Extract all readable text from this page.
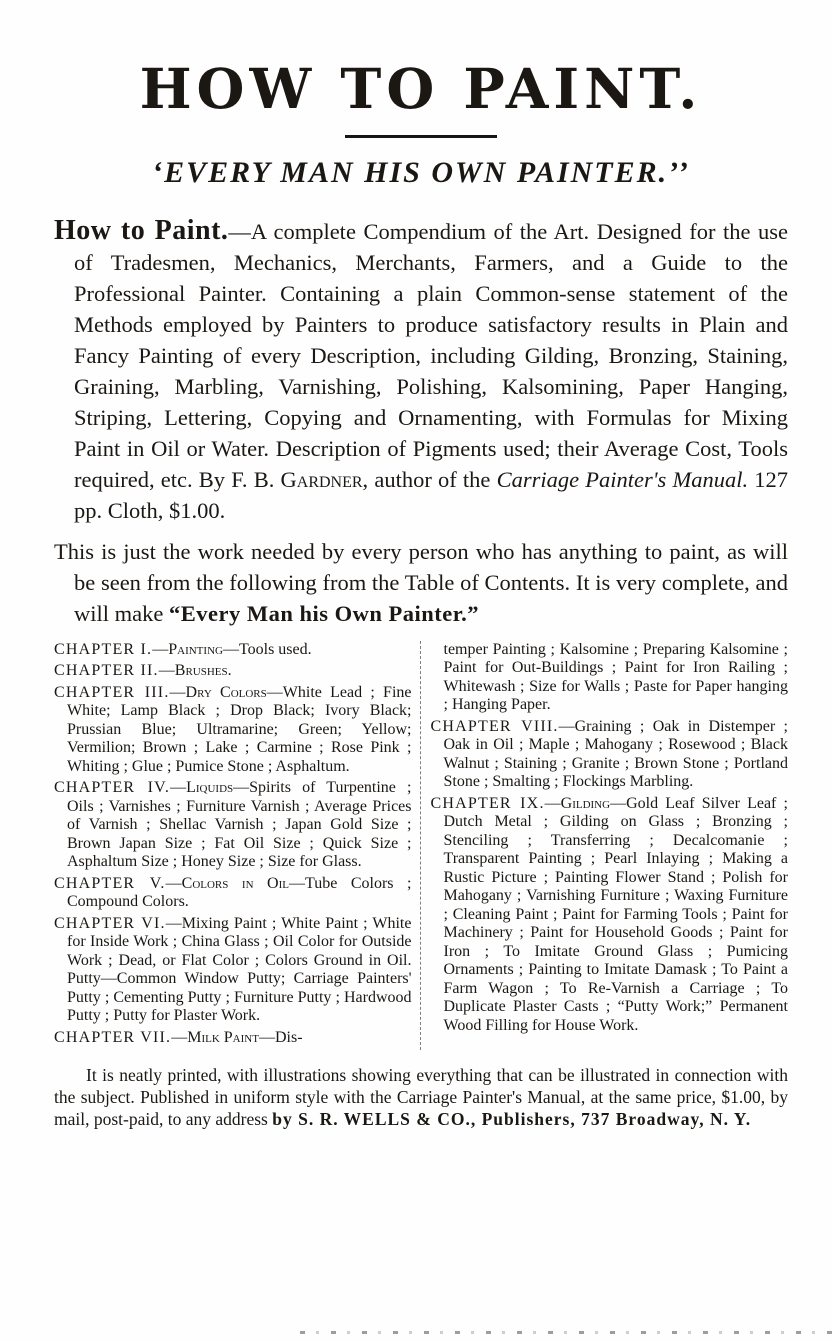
HOW TO PAINT.
‘EVERY MAN HIS OWN PAINTER.’’

How to Paint.—A complete Compendium of the Art. Designed for the use of Tradesmen, Mechanics, Merchants, Farmers, and a Guide to the Professional Painter. Containing a plain Common-sense statement of the Methods employed by Painters to produce satisfactory results in Plain and Fancy Painting of every Description, including Gilding, Bronzing, Staining, Graining, Marbling, Varnishing, Polishing, Kalsomining, Paper Hanging, Striping, Lettering, Copying and Ornamenting, with Formulas for Mixing Paint in Oil or Water. Description of Pigments used; their Average Cost, Tools required, etc. By F. B. Gardner, author of the Carriage Painter's Manual. 127 pp. Cloth, $1.00.

This is just the work needed by every person who has anything to paint, as will be seen from the following from the Table of Contents. It is very complete, and will make “Every Man his Own Painter.”

CHAPTER I.—Painting—Tools used.

CHAPTER II.—Brushes.

CHAPTER III.—Dry Colors—White Lead ; Fine White; Lamp Black ; Drop Black; Ivory Black; Prussian Blue; Ultramarine; Green; Yellow; Vermilion; Brown ; Lake ; Carmine ; Rose Pink ; Whiting ; Glue ; Pumice Stone ; Asphaltum.

CHAPTER IV.—Liquids—Spirits of Turpentine ; Oils ; Varnishes ; Furniture Varnish ; Average Prices of Varnish ; Shellac Varnish ; Japan Gold Size ; Brown Japan Size ; Fat Oil Size ; Quick Size ; Asphaltum Size ; Honey Size ; Size for Glass.

CHAPTER V.—Colors in Oil—Tube Colors ; Compound Colors.

CHAPTER VI.—Mixing Paint ; White Paint ; White for Inside Work ; China Glass ; Oil Color for Outside Work ; Dead, or Flat Color ; Colors Ground in Oil. Putty—Common Window Putty; Carriage Painters' Putty ; Cementing Putty ; Furniture Putty ; Hardwood Putty ; Putty for Plaster Work.

CHAPTER VII.—Milk Paint—Dis-

temper Painting ; Kalsomine ; Preparing Kalsomine ; Paint for Out-Buildings ; Paint for Iron Railing ; Whitewash ; Size for Walls ; Paste for Paper hanging ; Hanging Paper.

CHAPTER VIII.—Graining ; Oak in Distemper ; Oak in Oil ; Maple ; Mahogany ; Rosewood ; Black Walnut ; Staining ; Granite ; Brown Stone ; Portland Stone ; Smalting ; Flockings Marbling.

CHAPTER IX.—Gilding—Gold Leaf Silver Leaf ; Dutch Metal ; Gilding on Glass ; Bronzing ; Stenciling ; Transferring ; Decalcomanie ; Transparent Painting ; Pearl Inlaying ; Making a Rustic Picture ; Painting Flower Stand ; Polish for Mahogany ; Varnishing Furniture ; Waxing Furniture ; Cleaning Paint ; Paint for Farming Tools ; Paint for Machinery ; Paint for Household Goods ; Paint for Iron ; To Imitate Ground Glass ; Pumicing Ornaments ; Painting to Imitate Damask ; To Paint a Farm Wagon ; To Re-Varnish a Carriage ; To Duplicate Plaster Casts ; “Putty Work;” Permanent Wood Filling for House Work.

It is neatly printed, with illustrations showing everything that can be illustrated in connection with the subject. Published in uniform style with the Carriage Painter's Manual, at the same price, $1.00, by mail, post-paid, to any address by S. R. WELLS & CO., Publishers, 737 Broadway, N. Y.
